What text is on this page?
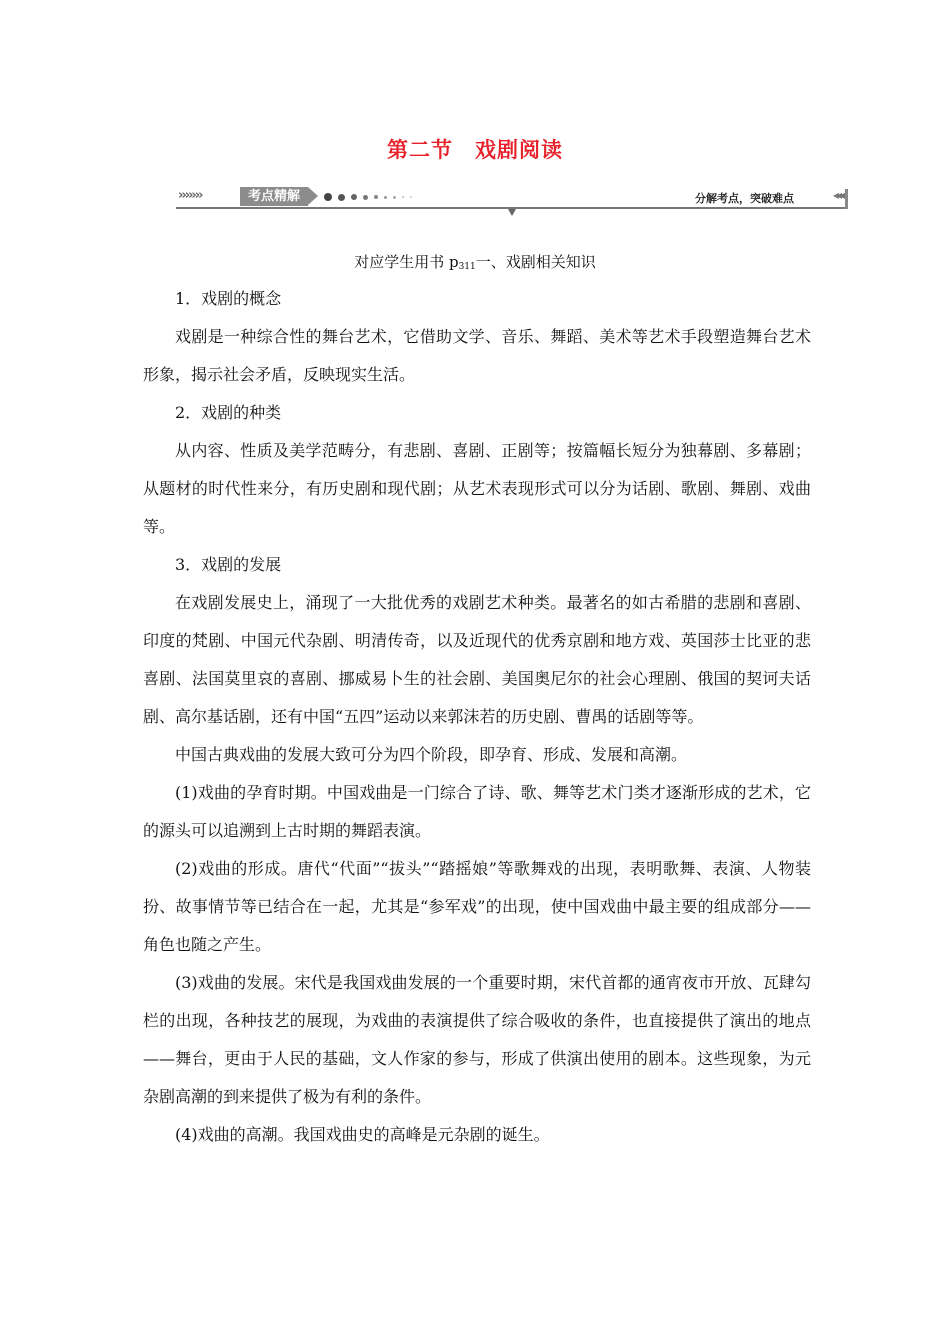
第二节　戏剧阅读
›››››››	考点精解	分解考点，突破难点	◂◂◂
对应学生用书 $p_{311}$一、戏剧相关知识

1．戏剧的概念

戏剧是一种综合性的舞台艺术，它借助文学、音乐、舞蹈、美术等艺术手段塑造舞台艺术形象，揭示社会矛盾，反映现实生活。

2．戏剧的种类

从内容、性质及美学范畴分，有悲剧、喜剧、正剧等；按篇幅长短分为独幕剧、多幕剧；从题材的时代性来分，有历史剧和现代剧；从艺术表现形式可以分为话剧、歌剧、舞剧、戏曲等。

3．戏剧的发展

在戏剧发展史上，涌现了一大批优秀的戏剧艺术种类。最著名的如古希腊的悲剧和喜剧、印度的梵剧、中国元代杂剧、明清传奇，以及近现代的优秀京剧和地方戏、英国莎士比亚的悲喜剧、法国莫里哀的喜剧、挪威易卜生的社会剧、美国奥尼尔的社会心理剧、俄国的契诃夫话剧、高尔基话剧，还有中国“五四”运动以来郭沫若的历史剧、曹禺的话剧等等。

中国古典戏曲的发展大致可分为四个阶段，即孕育、形成、发展和高潮。

(1)戏曲的孕育时期。中国戏曲是一门综合了诗、歌、舞等艺术门类才逐渐形成的艺术，它的源头可以追溯到上古时期的舞蹈表演。

(2)戏曲的形成。唐代“代面”“拔头”“踏摇娘”等歌舞戏的出现，表明歌舞、表演、人物装扮、故事情节等已结合在一起，尤其是“参军戏”的出现，使中国戏曲中最主要的组成部分——角色也随之产生。

(3)戏曲的发展。宋代是我国戏曲发展的一个重要时期，宋代首都的通宵夜市开放、瓦肆勾栏的出现，各种技艺的展现，为戏曲的表演提供了综合吸收的条件，也直接提供了演出的地点——舞台，更由于人民的基础，文人作家的参与，形成了供演出使用的剧本。这些现象，为元杂剧高潮的到来提供了极为有利的条件。

(4)戏曲的高潮。我国戏曲史的高峰是元杂剧的诞生。
